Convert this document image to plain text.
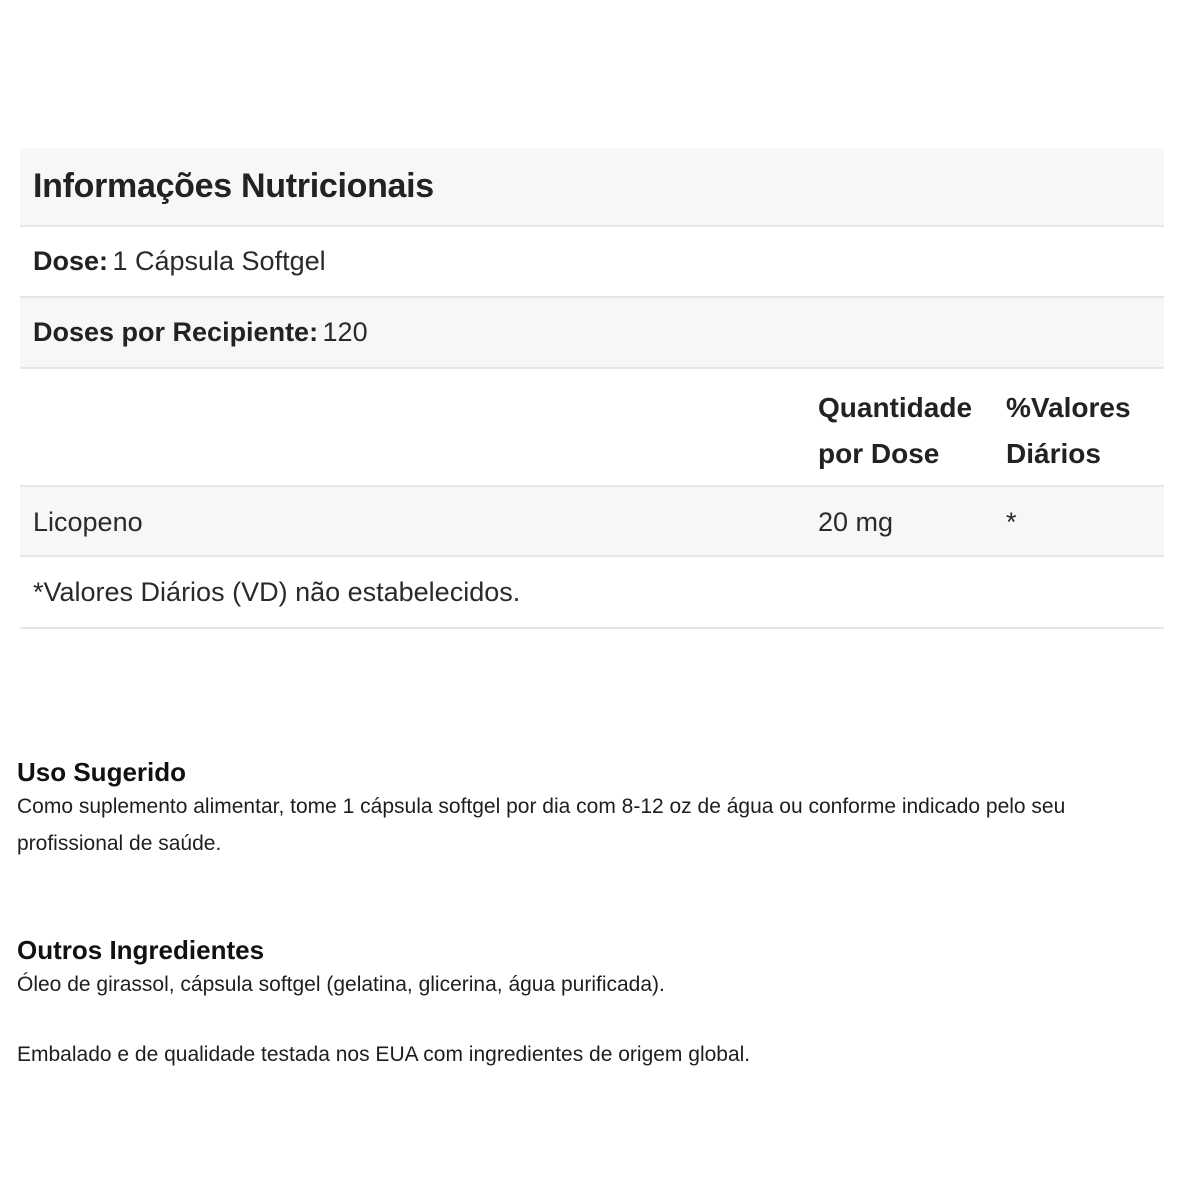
Informações Nutricionais
Dose:
1 Cápsula Softgel
Doses por Recipiente:
120
Quantidade
por Dose
%Valores
Diários
Licopeno	20 mg	*
*Valores Diários (VD) não estabelecidos.
Uso Sugerido

Como suplemento alimentar, tome 1 cápsula softgel por dia com 8-12 oz de água ou conforme indicado pelo seu

profissional de saúde.

Outros Ingredientes

Óleo de girassol, cápsula softgel (gelatina, glicerina, água purificada).

Embalado e de qualidade testada nos EUA com ingredientes de origem global.
